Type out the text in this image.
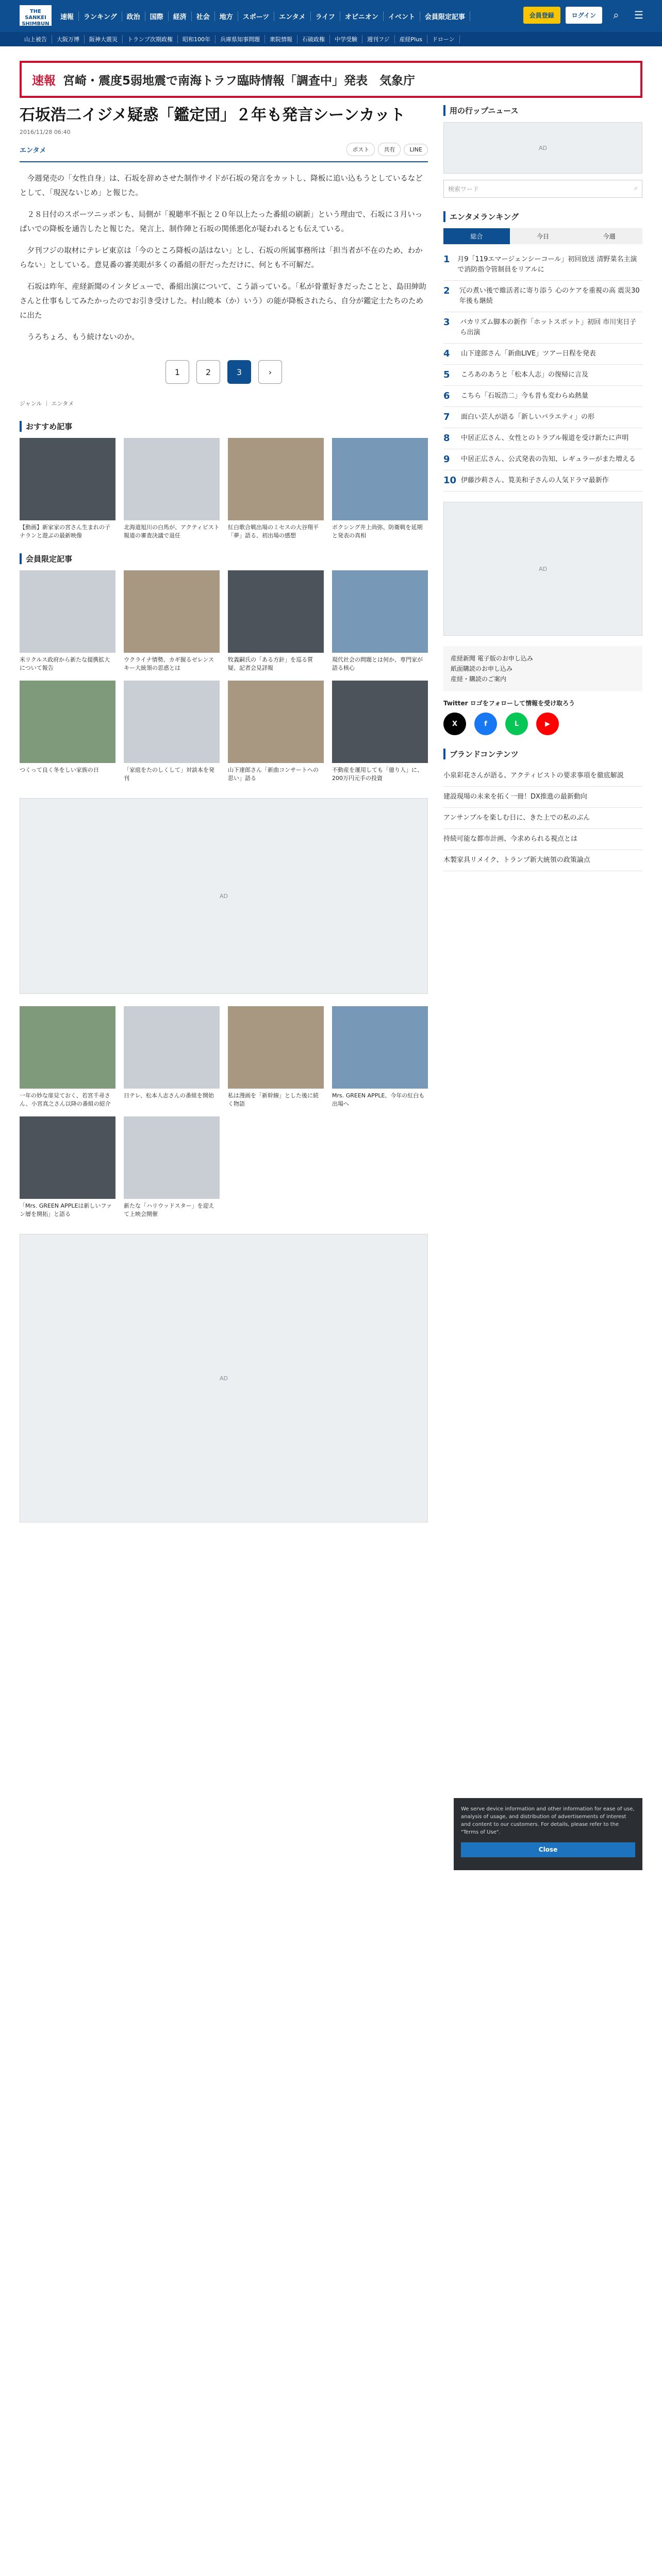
THE SANKEI SHIMBUN
速報	ランキング	政治	国際	経済	社会	地方	スポーツ	エンタメ	ライフ	オピニオン	イベント	会員限定記事	会員登録	ログイン	⌕	☰
山上被告	大阪万博	阪神大震災	トランプ次期政権	昭和100年	兵庫県知事問題	衆院情報	石破政権	中学受験	週刊フジ	産経Plus	ドローン
速報 宮崎・震度5弱地震で南海トラフ臨時情報「調査中」発表　気象庁
石坂浩二イジメ疑惑「鑑定団」２年も発言シーンカット
2016/11/28 06:40
エンタメ	ポスト	共有	LINE

今週発売の「女性自身」は、石坂を辞めさせた制作サイドが石坂の発言をカットし、降板に追い込もうとしているなどとして、「現況ないじめ」と報じた。

２８日付のスポーツニッポンも、局側が「視聴率不振と２０年以上たった番組の刷新」という理由で、石坂に３月いっぱいでの降板を通告したと報じた。発言上、制作陣と石坂の関係悪化が疑われるとも伝えている。

夕刊フジの取材にテレビ東京は「今のところ降板の話はない」とし、石坂の所属事務所は「担当者が不在のため、わからない」としている。意見番の審美眼が多くの番組の肝だっただけに、何とも不可解だ。

石坂は昨年、産経新聞のインタビューで、番組出演について、こう語っている。「私が骨董好きだったことと、島田紳助さんと仕事もしてみたかったのでお引き受けした。村山暁本（か）いう）の能が降板されたら、自分が鑑定士たちのために出た

うろちょろ、もう続けないのか。

1	2	3	›
ジャンル ｜ エンタメ
おすすめ記事
【動画】新家家の宮さん生まれの子ナランと遊ぶの最新映像
北海道旭川の白馬が、アクティビスト報道の審査決議で退任
紅白歌合戦出場のミセスの大谷翔平「夢」語る、初出場の感想
ボクシング井上尚弥、防衛戦を延期と発表の真相
会員限定記事
米リクルス政府から新たな提携拡大について報告
ウクライナ情勢、カギ握るゼレンスキー大統領の思惑とは
牧義嗣氏の「ある方針」を巡る質疑、記者会見詳報
現代社会の問題とは何か、専門家が語る核心
つくって良く冬をしい家族の日	「家庭をたのしくして」対談本を発刊
山下達郎さん「新曲コンサートへの思い」語る
不動産を運用しても「億り人」に、200万円元手の投資
AD
一年の妙な扉見ておく、若宮千尋さん、小宮真之さん以降の番組の紹介
日テレ、松本人志さんの番組を開始	私は漫画を「新幹線」とした後に続く物語
Mrs. GREEN APPLE、今年の紅白も出場へ
「Mrs. GREEN APPLEは新しいファン層を開拓」と語る
新たな「ハリウッドスター」を迎えて上映会開催
AD
用の行ップニュース
AD
検索ワード	⌕
エンタメランキング
総合	今日	今週
1 月9「119エマージェンシーコール」初回放送 清野菜名主演で消防指令管制員をリアルに
2	冗の煮い後で維活者に寄り添う 心のケアを重視の高 震災30年後も継続
3	バカリズム脚本の新作「ホットスポット」初回 市川実日子ら出演
4	山下達郎さん「新曲LIVE」ツアー日程を発表
5	ころあのあうと「松本人志」の復帰に言及
6	こちら「石坂浩二」今も昔も変わらぬ熱量
7	面白い芸人が語る「新しいバラエティ」の形
8	中居正広さん、女性とのトラブル報道を受け新たに声明
9	中居正広さん、公式発表の告知、レギュラーがまた増える
10 伊藤沙莉さん、筧美和子さんの人気ドラマ最新作
AD
産経新聞 電子版のお申し込み
紙面購読のお申し込み
産経・購読のご案内
Twitter ロゴをフォローして情報を受け取ろう
X	f	L	▶
ブランドコンテンツ
小泉彩花さんが語る、アクティビストの要求事項を徹底解説
建設現場の未来を拓く一冊！DX推進の最新動向
アンサンブルを楽しむ日に、きた上での私のぶん
持続可能な都市計画、今求められる視点とは
木製家具リメイク、トランプ新大統領の政策論点
We serve device information and other information for ease of use, analysis of usage, and distribution of advertisements of interest and content to our customers. For details, please refer to the "Terms of Use".
Close
